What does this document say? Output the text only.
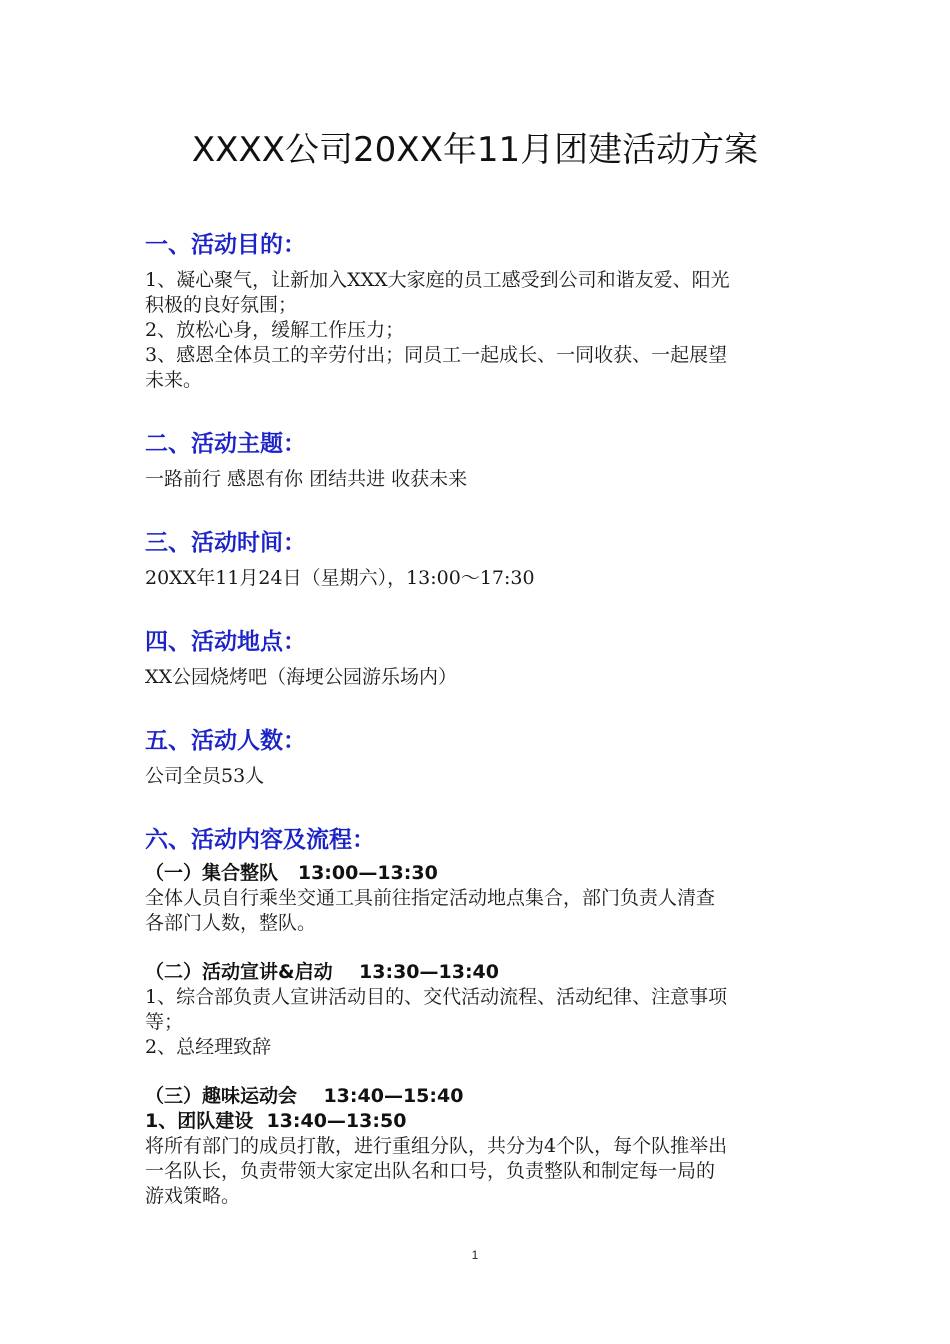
XXXX公司20XX年11月团建活动方案
一、活动目的：

1、凝心聚气，让新加入XXX大家庭的员工感受到公司和谐友爱、阳光

积极的良好氛围；

2、放松心身，缓解工作压力；

3、感恩全体员工的辛劳付出；同员工一起成长、一同收获、一起展望

未来。

二、活动主题：

一路前行 感恩有你 团结共进 收获未来

三、活动时间：

20XX年11月24日（星期六），13:00～17:30

四、活动地点：

XX公园烧烤吧（海埂公园游乐场内）

五、活动人数：

公司全员53人

六、活动内容及流程：

（一）集合整队   13:00—13:30

全体人员自行乘坐交通工具前往指定活动地点集合，部门负责人清查

各部门人数，整队。

（二）活动宣讲&启动    13:30—13:40

1、综合部负责人宣讲活动目的、交代活动流程、活动纪律、注意事项

等；

2、总经理致辞

（三）趣味运动会    13:40—15:40

1、团队建设  13:40—13:50

将所有部门的成员打散，进行重组分队，共分为4个队，每个队推举出

一名队长，负责带领大家定出队名和口号，负责整队和制定每一局的

游戏策略。

1
